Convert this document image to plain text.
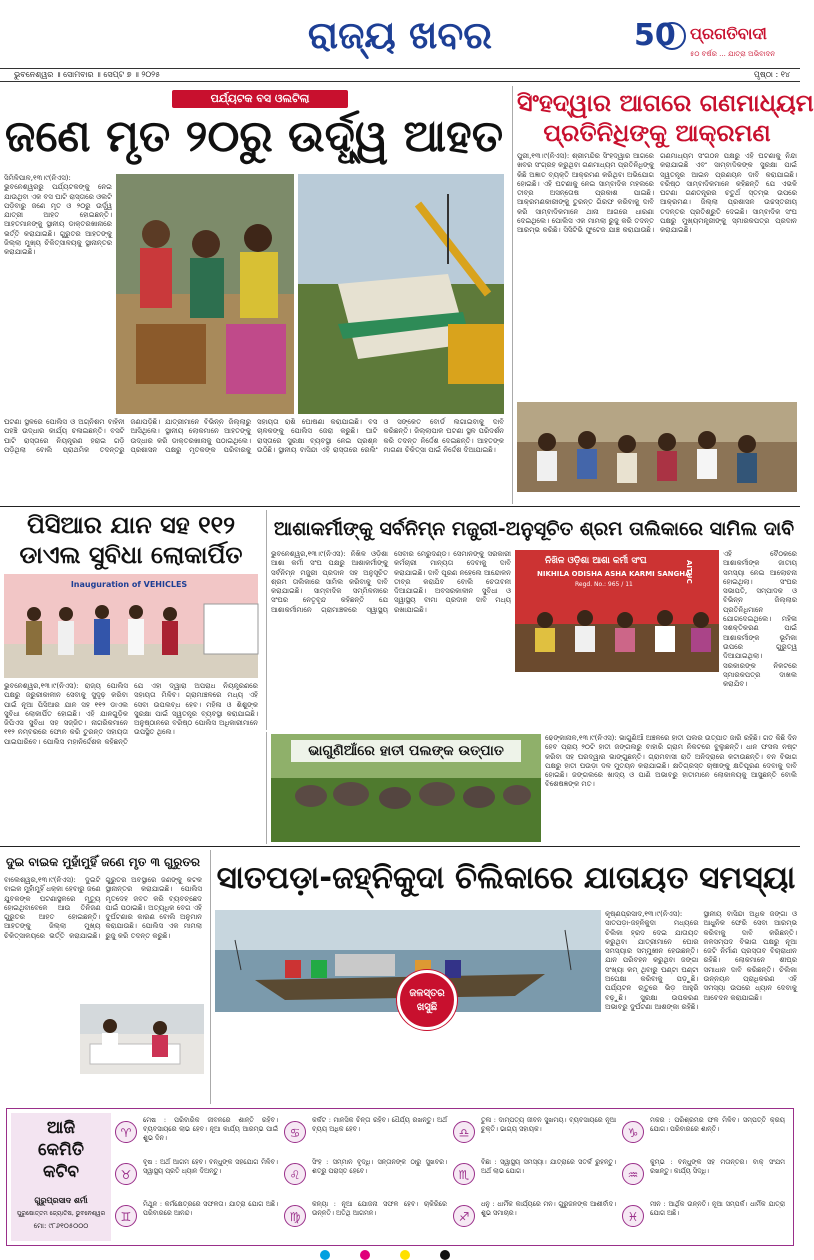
ରାଜ୍ୟ ଖବର	50 ପ୍ରଗତିବାଦୀ
୫୦ ବର୍ଷର ... ଯାତ୍ରା ଅଭିବାଦନ
ଭୁବନେଶ୍ୱର ॥ ସୋମବାର ॥ ସେପ୍ଟ ୭ ॥ ୨୦୨୫	ପୃଷ୍ଠା : ୧୪
ପର୍ଯ୍ୟଟକ ବସ ଓଲଟିଲା
ଜଣେ ମୃତ ୨୦ରୁ ଉର୍ଦ୍ଧ୍ୱ ଆହତ
ସିମିଳିପାଳ,୧୩।୯(ନିଏସ): ଭୁବନେଶ୍ୱରରୁ ପର୍ଯ୍ୟଟକଙ୍କୁ ନେଇ ଯାଉଥିବା ଏକ ବସ ଘାଟି ରାସ୍ତାରେ ଓଲଟି ପଡ଼ିବାରୁ ଜଣେ ମୃତ ଓ ୨୦ରୁ ଉର୍ଦ୍ଧ୍ୱ ଯାତ୍ରୀ ଆହତ ହୋଇଛନ୍ତି। ଆହତମାନଙ୍କୁ ସ୍ଥାନୀୟ ଡାକ୍ତରଖାନାରେ ଭର୍ତ୍ତି କରାଯାଇଛି। ଗୁରୁତର ଆହତଙ୍କୁ ଜିଲ୍ଲା ମୁଖ୍ୟ ଚିକିତ୍ସାଳୟକୁ ସ୍ଥାନାନ୍ତର କରାଯାଇଛି।
ଘଟଣା ସ୍ଥଳରେ ପୋଲିସ ଓ ଅଗ୍ନିଶମ ବାହିନୀ ପହଞ୍ଚି ଉଦ୍ଧାର କାର୍ଯ୍ୟ ଚଳାଇଛନ୍ତି। ବସଟି ଘାଟି ରାସ୍ତାରେ ନିୟନ୍ତ୍ରଣ ହରାଇ ଗଡ଼ି ପଡ଼ିଥିଲା ବୋଲି ପ୍ରାଥମିକ ତଦନ୍ତରୁ ଜଣାପଡ଼ିଛି। ଯାତ୍ରୀମାନେ ବିଭିନ୍ନ ଜିଲ୍ଲାରୁ ଆସିଥିଲେ। ସ୍ଥାନୀୟ ଲୋକମାନେ ଆହତଙ୍କୁ ଉଦ୍ଧାର କରି ଡାକ୍ତରଖାନାକୁ ପଠାଇଥିଲେ। ପ୍ରଶାସନ ପକ୍ଷରୁ ମୃତକଙ୍କ ପରିବାରକୁ ସହାୟତା ରାଶି ଘୋଷଣା କରାଯାଇଛି। ବସ ଚାଳକଙ୍କୁ ପୋଲିସ ଜେରା କରୁଛି। ଘାଟି ରାସ୍ତାରେ ସୁରକ୍ଷା ବ୍ୟବସ୍ଥା ନେଇ ପ୍ରଶ୍ନ ଉଠିଛି। ସ୍ଥାନୀୟ ବାସିନ୍ଦା ଏହି ରାସ୍ତାରେ ରେଲିଂ ଓ ସଙ୍କେତ ବୋର୍ଡ ଲଗାଇବାକୁ ଦାବି କରିଛନ୍ତି। ଜିଲ୍ଲାପାଳ ଘଟଣା ସ୍ଥଳ ପରିଦର୍ଶନ କରି ତଦନ୍ତ ନିର୍ଦ୍ଦେଶ ଦେଇଛନ୍ତି। ଆହତଙ୍କ ମାଗଣା ଚିକିତ୍ସା ପାଇଁ ନିର୍ଦ୍ଦେଶ ଦିଆଯାଇଛି।
ସିଂହଦ୍ୱାର ଆଗରେ ଗଣମାଧ୍ୟମ
ପ୍ରତିନିଧିଙ୍କୁ ଆକ୍ରମଣ
ପୁରୀ,୧୩।୯(ନିଏସ): ଶ୍ରୀମନ୍ଦିର ସିଂହଦ୍ୱାର ଆଗରେ ଖବର ସଂଗ୍ରହ କରୁଥିବା ଗଣମାଧ୍ୟମ ପ୍ରତିନିଧିଙ୍କୁ କିଛି ଅଜ୍ଞାତ ବ୍ୟକ୍ତି ଆକ୍ରମଣ କରିଥିବା ଅଭିଯୋଗ ହୋଇଛି। ଏହି ଘଟଣାକୁ ନେଇ ସାମ୍ବାଦିକ ମହଲରେ ତୀବ୍ର ଅସନ୍ତୋଷ ପ୍ରକାଶ ପାଇଛି। ଆକ୍ରମଣକାରୀଙ୍କୁ ତୁରନ୍ତ ଗିରଫ କରିବାକୁ ଦାବି କରି ସାମ୍ବାଦିକମାନେ ଥାନା ଆଗରେ ଧାରଣା ଦେଇଥିଲେ। ପୋଲିସ ଏକ ମାମଲା ରୁଜୁ କରି ତଦନ୍ତ ଆରମ୍ଭ କରିଛି। ସିସିଟିଭି ଫୁଟେଜ ଯାଞ୍ଚ କରାଯାଉଛି। ଗଣମାଧ୍ୟମ ସଂଗଠନ ପକ୍ଷରୁ ଏହି ଘଟଣାକୁ ନିନ୍ଦା କରାଯାଇଛି ଏବଂ ସାମ୍ବାଦିକଙ୍କ ସୁରକ୍ଷା ପାଇଁ ସ୍ୱତନ୍ତ୍ର ଆଇନ ପ୍ରଣୟନ ଦାବି କରାଯାଇଛି। ବରିଷ୍ଠ ସାମ୍ବାଦିକମାନେ କହିଛନ୍ତି ଯେ ଏଭଳି ଘଟଣା ଗଣତନ୍ତ୍ରର ଚତୁର୍ଥ ସ୍ତମ୍ଭ ଉପରେ ଆକ୍ରମଣ। ଜିଲ୍ଲା ପ୍ରଶାସନ ଉଚ୍ଚସ୍ତରୀୟ ତଦନ୍ତର ପ୍ରତିଶ୍ରୁତି ଦେଇଛି। ସାମ୍ବାଦିକ ସଂଘ ପକ୍ଷରୁ ମୁଖ୍ୟମନ୍ତ୍ରୀଙ୍କୁ ସ୍ମାରକପତ୍ର ପ୍ରଦାନ କରାଯାଇଛି।
ପିସିଆର ଯାନ ସହ ୧୧୨
ଡାଏଲ ସୁବିଧା ଲୋକାର୍ପିତ
Inauguration of VEHICLES
ଭୁବନେଶ୍ୱର,୧୩।୯(ନିଏସ): ରାଜ୍ୟ ପୋଲିସ ପକ୍ଷରୁ ଜରୁରୀକାଳୀନ ସେବାକୁ ସୁଦୃଢ଼ କରିବା ପାଇଁ ନୂଆ ପିସିଆର ଯାନ ସହ ୧୧୨ ଡାଏଲ ସୁବିଧା ଲୋକାର୍ପିତ ହୋଇଛି। ଏହି ଯାନଗୁଡ଼ିକ ଜିପିଏସ ସୁବିଧା ସହ ସଜ୍ଜିତ। ନାଗରିକମାନେ ୧୧୨ ନମ୍ବରରେ ଫୋନ କରି ତୁରନ୍ତ ସହାୟତା ପାଇପାରିବେ। ପୋଲିସ ମହାନିର୍ଦ୍ଦେଶକ କହିଛନ୍ତି ଯେ ଏହା ଦ୍ୱାରା ଅପରାଧ ନିୟନ୍ତ୍ରଣରେ ସହାୟତା ମିଳିବ। ଗ୍ରାମାଞ୍ଚଳରେ ମଧ୍ୟ ଏହି ସେବା ଉପଲବ୍ଧ ହେବ। ମହିଳା ଓ ଶିଶୁଙ୍କ ସୁରକ୍ଷା ପାଇଁ ସ୍ୱତନ୍ତ୍ର ବ୍ୟବସ୍ଥା କରାଯାଇଛି। ଅନୁଷ୍ଠାନରେ ବରିଷ୍ଠ ପୋଲିସ ଅଧିକାରୀମାନେ ଉପସ୍ଥିତ ଥିଲେ।
ଆଶାକର୍ମୀଙ୍କୁ ସର୍ବନିମ୍ନ ମଜୁରୀ-ଅନୁସୂଚିତ ଶ୍ରମ ତାଲିକାରେ ସାମିଲ ଦାବି
ଭୁବନେଶ୍ୱର,୧୩।୯(ନିଏସ): ନିଖିଳ ଓଡ଼ିଶା ଆଶା କର୍ମୀ ସଂଘ ପକ୍ଷରୁ ଆଶାକର୍ମୀଙ୍କୁ ସର୍ବନିମ୍ନ ମଜୁରୀ ପ୍ରଦାନ ସହ ଅନୁସୂଚିତ ଶ୍ରମ ତାଲିକାରେ ସାମିଲ କରିବାକୁ ଦାବି କରାଯାଇଛି। ସାମ୍ବାଦିକ ସମ୍ମିଳନୀରେ ସଂଘର ନେତୃବୃନ୍ଦ କହିଛନ୍ତି ଯେ ଆଶାକର୍ମୀମାନେ ଗ୍ରାମାଞ୍ଚଳରେ ସ୍ୱାସ୍ଥ୍ୟ ସେବାର ମେରୁଦଣ୍ଡ। ସେମାନଙ୍କୁ ସରକାରୀ କର୍ମଚାରୀ ମାନ୍ୟତା ଦେବାକୁ ଦାବି କରାଯାଇଛି। ଦାବି ପୂରଣ ନହେଲେ ଆନ୍ଦୋଳନ ତୀବ୍ର କରାଯିବ ବୋଲି ଚେତାବନୀ ଦିଆଯାଇଛି। ଅବସରକାଳୀନ ସୁବିଧା ଓ ସ୍ୱାସ୍ଥ୍ୟ ବୀମା ପ୍ରଦାନ ଦାବି ମଧ୍ୟ ରଖାଯାଇଛି।
ନିଖିଳ ଓଡ଼ିଶା ଆଶା କର୍ମୀ ସଂଘ
NIKHILA ODISHA ASHA KARMI SANGHA
Regd. No.: 965 / 11
AITUC
ଏହି ବୈଠକରେ ଆଶାକର୍ମୀଙ୍କ ଜାତୀୟ ସମସ୍ୟା ନେଇ ଆଲୋଚନା ହୋଇଥିଲା। ସଂଘର ସଭାପତି, ସମ୍ପାଦକ ଓ ବିଭିନ୍ନ ଜିଲ୍ଲାର ପ୍ରତିନିଧିମାନେ ଯୋଗଦେଇଥିଲେ। ମହିଳା ସଶକ୍ତିକରଣ ପାଇଁ ଆଶାକର୍ମୀଙ୍କ ଭୂମିକା ଉପରେ ଗୁରୁତ୍ୱ ଦିଆଯାଇଥିଲା। ସରକାରଙ୍କ ନିକଟରେ ସ୍ମାରକପତ୍ର ଦାଖଲ କରାଯିବ।
ଭାଗୁଣିଆଁରେ ହାତୀ ପଲଙ୍କ ଉତ୍ପାତ
ଢେଙ୍କାନାଳ,୧୩।୯(ନିଏସ): ଭାଗୁଣିଆଁ ଅଞ୍ଚଳରେ ହାତୀ ପଲର ଉତ୍ପାତ ଜାରି ରହିଛି। ଗତ କିଛି ଦିନ ହେବ ପ୍ରାୟ ୨୦ଟି ହାତୀ ଜଙ୍ଗଲରୁ ବାହାରି ଗ୍ରାମ ନିକଟରେ ବୁଲୁଛନ୍ତି। ଧାନ ଫସଲ ନଷ୍ଟ କରିବା ସହ ଘରଦ୍ୱାର ଭାଙ୍ଗୁଛନ୍ତି। ଗ୍ରାମବାସୀ ରାତି ଅନିଦ୍ରାରେ କଟାଉଛନ୍ତି। ବନ ବିଭାଗ ପକ୍ଷରୁ ହାତୀ ଘଉଡ଼ା ଦଳ ମୁତୟନ କରାଯାଇଛି। କ୍ଷତିଗ୍ରସ୍ତ ଚାଷୀଙ୍କୁ କ୍ଷତିପୂରଣ ଦେବାକୁ ଦାବି ହୋଇଛି। ଜଙ୍ଗଲରେ ଖାଦ୍ୟ ଓ ପାଣି ଅଭାବରୁ ହାତୀମାନେ ଲୋକାଳୟକୁ ଆସୁଛନ୍ତି ବୋଲି ବିଶେଷଜ୍ଞଙ୍କ ମତ।
ଦୁଇ ବାଇକ ମୁହାଁମୁହିଁ ଜଣେ ମୃତ ୩ ଗୁରୁତର
ବାଲେଶ୍ୱର,୧୩।୯(ନିଏସ): ଦୁଇଟି ବାଇକ ମୁହାଁମୁହିଁ ଧକ୍କା ହେବାରୁ ଜଣେ ଯୁବକଙ୍କ ଘଟଣାସ୍ଥଳରେ ମୃତ୍ୟୁ ହୋଇଥିବାବେଳେ ଆଉ ତିନିଜଣ ଗୁରୁତର ଆହତ ହୋଇଛନ୍ତି। ଆହତଙ୍କୁ ଜିଲ୍ଲା ମୁଖ୍ୟ ଚିକିତ୍ସାଳୟରେ ଭର୍ତ୍ତି କରାଯାଇଛି। ଗୁରୁତର ଅବସ୍ଥାରେ ଜଣଙ୍କୁ କଟକ ସ୍ଥାନାନ୍ତର କରାଯାଇଛି। ପୋଲିସ ମୃତଦେହ ଜବତ କରି ବ୍ୟବଚ୍ଛେଦ ପାଇଁ ପଠାଇଛି। ଅତ୍ୟଧିକ ବେଗ ଏହି ଦୁର୍ଘଟଣାର କାରଣ ବୋଲି ଅନୁମାନ କରାଯାଉଛି। ପୋଲିସ ଏକ ମାମଲା ରୁଜୁ କରି ତଦନ୍ତ କରୁଛି।
ସାତପଡ଼ା-ଜହ୍ନିକୁଦା ଚିଲିକାରେ ଯାତାୟତ ସମସ୍ୟା
ଜଳସ୍ତର
ଖସୁଛି
କୃଷ୍ଣପ୍ରସାଦ,୧୩।୯(ନିଏସ): ସାତପଡ଼ା-ଜହ୍ନିକୁଦା ମଧ୍ୟରେ ଚିଲିକା ହ୍ରଦ ଦେଇ ଯାତାୟତ କରୁଥିବା ଯାତ୍ରୀମାନେ ଘୋର ସମସ୍ୟାର ସମ୍ମୁଖୀନ ହେଉଛନ୍ତି। ଯାନ ପରିବହନ କରୁଥିବା ଜଙ୍ଗା ସଂଖ୍ୟା କମ୍ ଥିବାରୁ ଘଣ୍ଟା ଘଣ୍ଟା ଅପେକ୍ଷା କରିବାକୁ ପଡ଼ୁଛି। ପର୍ଯ୍ୟଟନ ଋତୁରେ ଭିଡ଼ ଆହୁରି ବଢ଼ୁଛି। ସୁରକ୍ଷା ଉପକରଣ ଅଭାବରୁ ଦୁର୍ଘଟଣା ଆଶଙ୍କା ରହିଛି। ସ୍ଥାନୀୟ ବାସିନ୍ଦା ଅଧିକ ଜଙ୍ଗା ଓ ଆଧୁନିକ ଫେରି ସେବା ଆରମ୍ଭ କରିବାକୁ ଦାବି କରିଛନ୍ତି। ଜଳସମ୍ପଦ ବିଭାଗ ପକ୍ଷରୁ ନୂଆ ଜେଟି ନିର୍ମାଣ ପ୍ରସ୍ତାବ ବିଚାରାଧୀନ ରହିଛି। ଲୋକମାନେ ଶୀଘ୍ର ସମାଧାନ ଦାବି କରିଛନ୍ତି। ଚିଲିକା ଉନ୍ନୟନ ପ୍ରାଧିକରଣ ଏହି ସମସ୍ୟା ଉପରେ ଧ୍ୟାନ ଦେବାକୁ ଆବେଦନ କରାଯାଇଛି।
ଆଜି
କେମିତି
କଟିବ
ଗୁରୁପ୍ରସାଦ ଶର୍ମା
ପୁରୁଷୋତ୍ତମ ଜ୍ୟୋତିଷ, ଭୁବନେଶ୍ୱର
ମୋ: ୯୮୬୧୦୫୦୦୦
♈
ମେଷ : ପରିବାରିକ ଜୀବନରେ ଶାନ୍ତି ରହିବ। ବ୍ୟବସାୟରେ ଲାଭ ହେବ। ନୂଆ କାର୍ଯ୍ୟ ଆରମ୍ଭ ପାଇଁ ଶୁଭ ଦିନ।
♉
ବୃଷ : ଅର୍ଥ ଆଗମ ହେବ। ବନ୍ଧୁଙ୍କ ସହଯୋଗ ମିଳିବ। ସ୍ୱାସ୍ଥ୍ୟ ପ୍ରତି ଧ୍ୟାନ ଦିଅନ୍ତୁ।
♊
ମିଥୁନ : କର୍ମକ୍ଷେତ୍ରରେ ସଫଳତା। ଯାତ୍ରା ଯୋଗ ଅଛି। ପରିବାରରେ ଆନନ୍ଦ।
♋
କର୍କଟ : ମାନସିକ ଚିନ୍ତା ରହିବ। ଧୈର୍ଯ୍ୟ ରଖନ୍ତୁ। ଅର୍ଥ ବ୍ୟୟ ଅଧିକ ହେବ।
♌
ସିଂହ : ସମ୍ମାନ ବୃଦ୍ଧି। ସନ୍ତାନଙ୍କ ଠାରୁ ସୁଖବର। ଶତ୍ରୁ ପରାସ୍ତ ହେବେ।
♍
କନ୍ୟା : ନୂଆ ଯୋଜନା ସଫଳ ହେବ। ଚାକିରିରେ ଉନ୍ନତି। ଅତିଥି ଆଗମନ।
♎
ତୁଳା : ଦାମ୍ପତ୍ୟ ଜୀବନ ସୁଖମୟ। ବ୍ୟବସାୟରେ ନୂଆ ଚୁକ୍ତି। ଭାଗ୍ୟ ସହାୟକ।
♏
ବିଛା : ସ୍ୱାସ୍ଥ୍ୟ ସମସ୍ୟା। ଯାତ୍ରାରେ ସତର୍କ ରୁହନ୍ତୁ। ଅର୍ଥ ଲାଭ ଯୋଗ।
♐
ଧନୁ : ଧାର୍ମିକ କାର୍ଯ୍ୟରେ ମନ। ଗୁରୁଜନଙ୍କ ଆଶୀର୍ବାଦ। ଶୁଭ ସମାଚାର।
♑
ମକର : ପରିଶ୍ରମର ଫଳ ମିଳିବ। ସମ୍ପତ୍ତି କ୍ରୟ ଯୋଗ। ପରିବାରରେ ଶାନ୍ତି।
♒
କୁମ୍ଭ : ବନ୍ଧୁଙ୍କ ସହ ମତାନ୍ତର। ବାକ୍ ସଂଯମ ରଖନ୍ତୁ। କାର୍ଯ୍ୟ ସିଦ୍ଧି।
♓
ମୀନ : ଆର୍ଥିକ ଉନ୍ନତି। ନୂଆ ସମ୍ପର୍କ। ଧାର୍ମିକ ଯାତ୍ରା ଯୋଗ ଅଛି।
